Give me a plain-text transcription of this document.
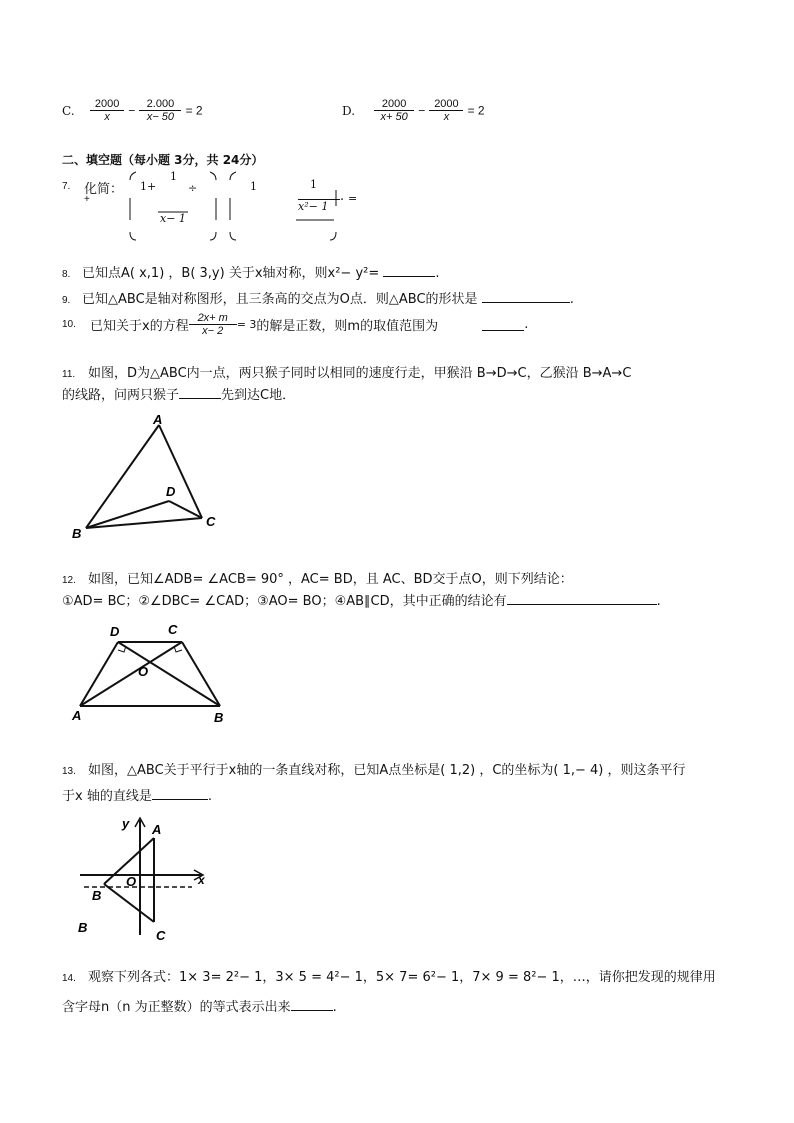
C. $\frac{2000}{x} - \frac{2.000}{x- 50} = 2$	D. $\frac{2000}{x+ 50} - \frac{2000}{x} = 2$
二、填空题（每小题 3分，共 24分）
7. 化简：
+
1+
1
x− 1
÷	1	1
x²− 1
=
.
8. 已知点A( x,1) ，B( 3,y) 关于x轴对称，则x²− y²=	.
9. 已知△ABC是轴对称图形，且三条高的交点为O点．则△ABC的形状是	.
10. 已知关于x的方程 $\frac{2x+ m}{x- 2} = 3$的解是正数，则m的取值范围为	.
11. 如图，D为△ABC内一点，两只猴子同时以相同的速度行走，甲猴沿 B→D→C，乙猴沿 B→A→C
的线路，问两只猴子	先到达C地．
A
D
B
C
12. 如图，已知∠ADB= ∠ACB= 90° ，AC= BD，且 AC、BD交于点O，则下列结论：
①AD= BC；②∠DBC= ∠CAD；③AO= BO；④AB∥CD，其中正确的结论有	.
D	C
O
A	B
13. 如图，△ABC关于平行于x轴的一条直线对称，已知A点坐标是( 1,2) ，C的坐标为( 1,− 4) ，则这条平行
于x 轴的直线是	.
y A
O	x
B
C
B
14. 观察下列各式：1× 3= 2²− 1，3× 5 = 4²− 1，5× 7= 6²− 1，7× 9 = 8²− 1，…，请你把发现的规律用
含字母n（n 为正整数）的等式表示出来	.
